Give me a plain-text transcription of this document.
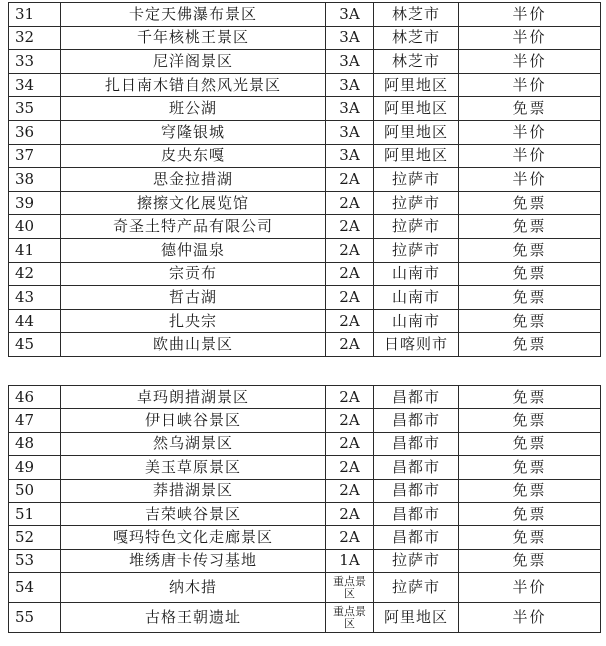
31	卡定天佛瀑布景区	3A	林芝市	半价
32	千年核桃王景区	3A	林芝市	半价
33	尼洋阁景区	3A	林芝市	半价
34	扎日南木错自然风光景区	3A	阿里地区	半价
35	班公湖	3A	阿里地区	免票
36	穹隆银城	3A	阿里地区	半价
37	皮央东嘎	3A	阿里地区	半价
38	思金拉措湖	2A	拉萨市	半价
39	擦擦文化展览馆	2A	拉萨市	免票
40	奇圣土特产品有限公司	2A	拉萨市	免票
41	德仲温泉	2A	拉萨市	免票
42	宗贡布	2A	山南市	免票
43	哲古湖	2A	山南市	免票
44	扎央宗	2A	山南市	免票
45	欧曲山景区	2A	日喀则市	免票
46	卓玛朗措湖景区	2A	昌都市	免票
47	伊日峡谷景区	2A	昌都市	免票
48	然乌湖景区	2A	昌都市	免票
49	美玉草原景区	2A	昌都市	免票
50	莽措湖景区	2A	昌都市	免票
51	吉荣峡谷景区	2A	昌都市	免票
52	嘎玛特色文化走廊景区	2A	昌都市	免票
53	堆绣唐卡传习基地	1A	拉萨市	免票
54	纳木措	重点景区	拉萨市	半价
55	古格王朝遗址	重点景区	阿里地区	半价
